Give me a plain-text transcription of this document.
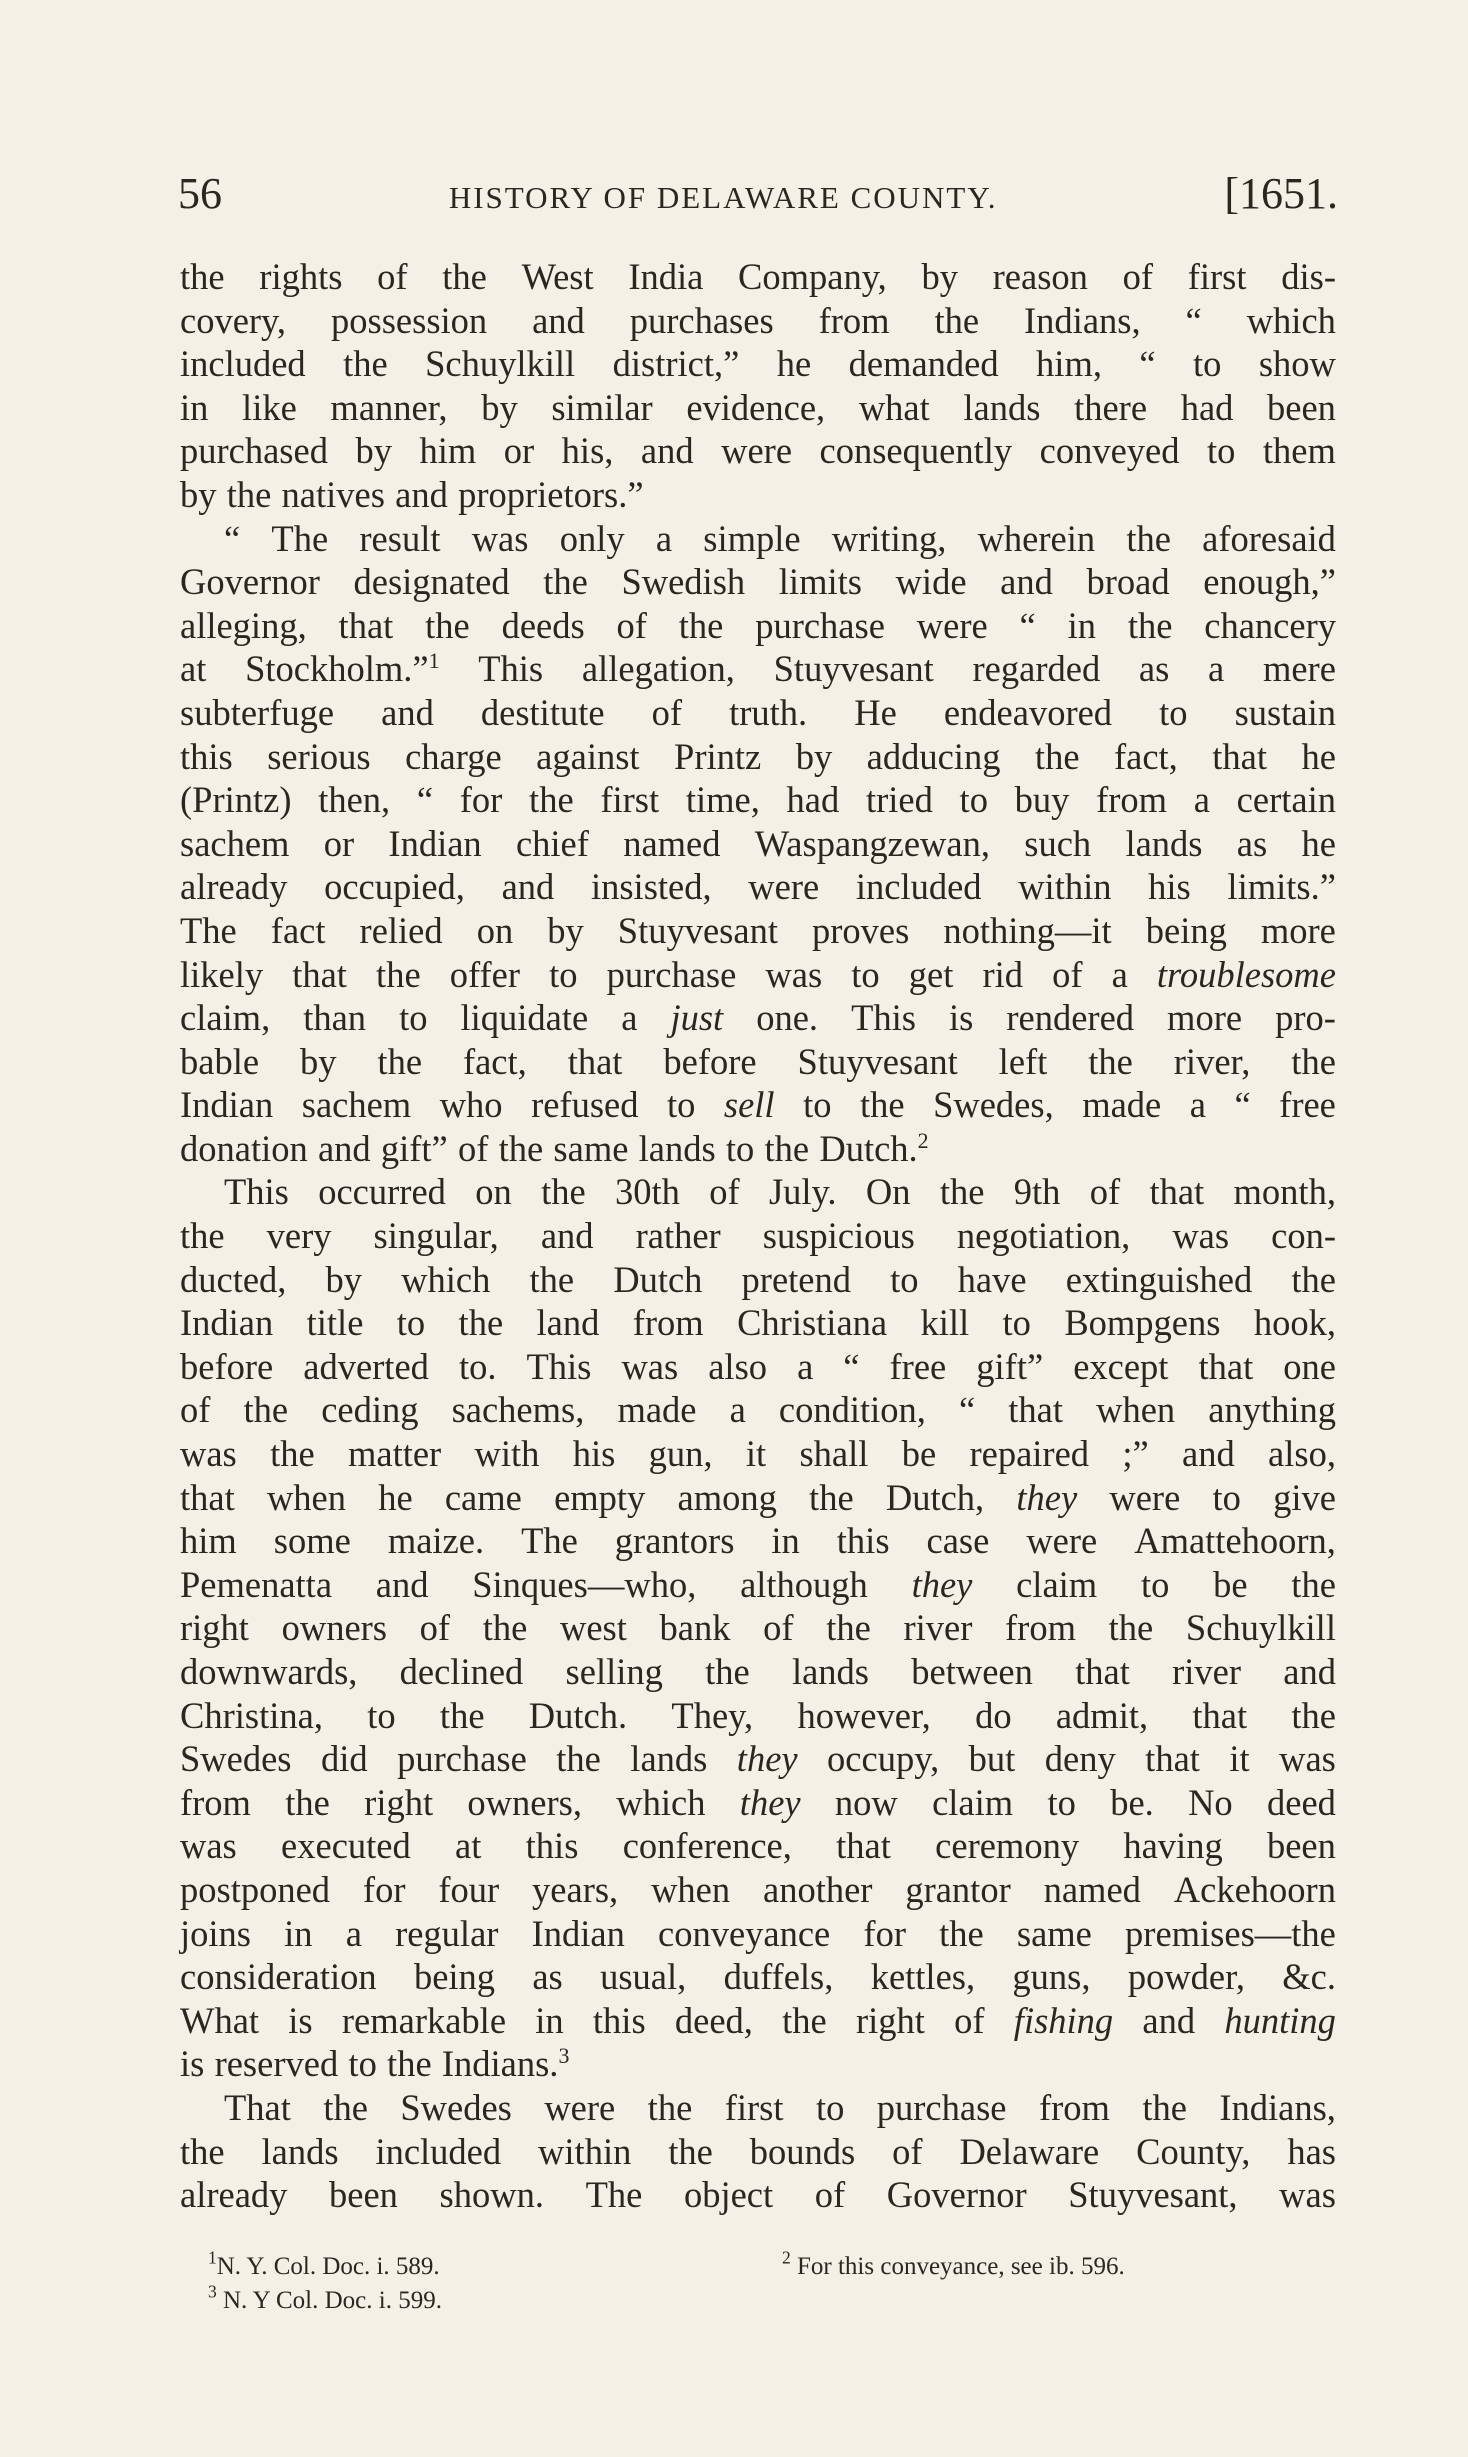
56	HISTORY OF DELAWARE COUNTY.	[1651.
the rights of the West India Company, by reason of first dis-
covery, possession and purchases from the Indians, “ which
included the Schuylkill district,” he demanded him, “ to show
in like manner, by similar evidence, what lands there had been
purchased by him or his, and were consequently conveyed to them
by the natives and proprietors.”
“ The result was only a simple writing, wherein the aforesaid
Governor designated the Swedish limits wide and broad enough,”
alleging, that the deeds of the purchase were “ in the chancery
at Stockholm.”$^1$ This allegation, Stuyvesant regarded as a mere
subterfuge and destitute of truth. He endeavored to sustain
this serious charge against Printz by adducing the fact, that he
(Printz) then, “ for the first time, had tried to buy from a certain
sachem or Indian chief named Waspangzewan, such lands as he
already occupied, and insisted, were included within his limits.”
The fact relied on by Stuyvesant proves nothing—it being more
likely that the offer to purchase was to get rid of a troublesome
claim, than to liquidate a just one. This is rendered more pro-
bable by the fact, that before Stuyvesant left the river, the
Indian sachem who refused to sell to the Swedes, made a “ free
donation and gift” of the same lands to the Dutch.$^2$
This occurred on the 30th of July. On the 9th of that month,
the very singular, and rather suspicious negotiation, was con-
ducted, by which the Dutch pretend to have extinguished the
Indian title to the land from Christiana kill to Bompgens hook,
before adverted to. This was also a “ free gift” except that one
of the ceding sachems, made a condition, “ that when anything
was the matter with his gun, it shall be repaired ;” and also,
that when he came empty among the Dutch, they were to give
him some maize. The grantors in this case were Amattehoorn,
Pemenatta and Sinques—who, although they claim to be the
right owners of the west bank of the river from the Schuylkill
downwards, declined selling the lands between that river and
Christina, to the Dutch. They, however, do admit, that the
Swedes did purchase the lands they occupy, but deny that it was
from the right owners, which they now claim to be. No deed
was executed at this conference, that ceremony having been
postponed for four years, when another grantor named Ackehoorn
joins in a regular Indian conveyance for the same premises—the
consideration being as usual, duffels, kettles, guns, powder, &c.
What is remarkable in this deed, the right of fishing and hunting
is reserved to the Indians.$^3$
That the Swedes were the first to purchase from the Indians,
the lands included within the bounds of Delaware County, has
already been shown. The object of Governor Stuyvesant, was
$^1$N. Y. Col. Doc. i. 589.	$^2$ For this conveyance, see ib. 596.
$^3$ N. Y Col. Doc. i. 599.
